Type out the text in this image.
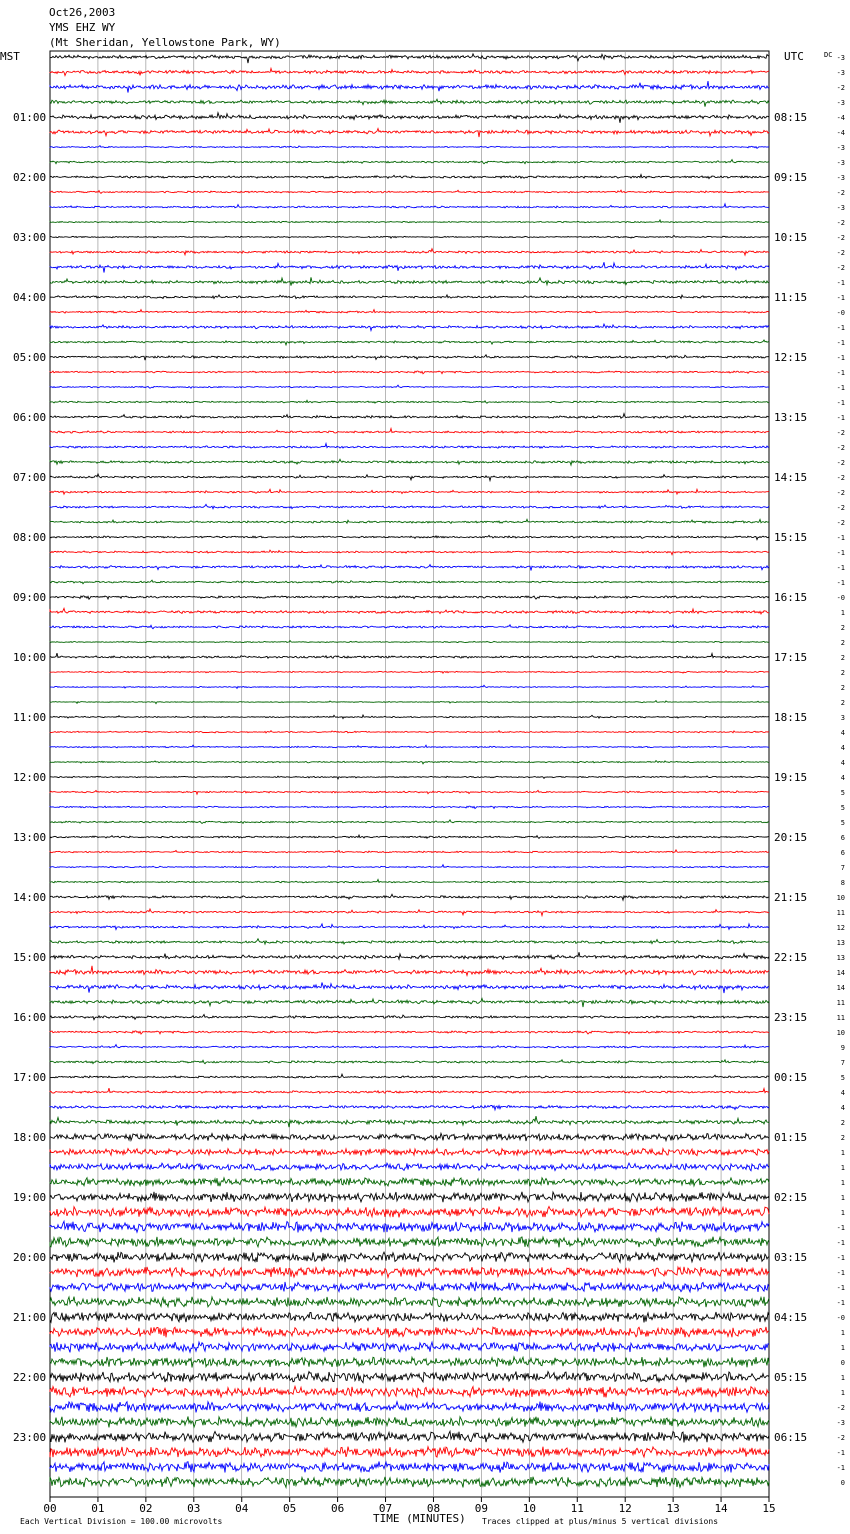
Oct26,2003
YMS EHZ WY
(Mt Sheridan, Yellowstone Park, WY)
MST	UTC	DC
01:00
02:00
03:00
04:00
05:00
06:00
07:00
08:00
09:00
10:00
11:00
12:00
13:00
14:00
15:00
16:00
17:00
18:00
19:00
20:00
21:00
22:00
23:00
08:15
09:15
10:15
11:15
12:15
13:15
14:15
15:15
16:15
17:15
18:15
19:15
20:15
21:15
22:15
23:15
00:15
01:15
02:15
03:15
04:15
05:15
06:15
-3
-3
-2
-3
-4
-4
-3
-3
-3
-2
-3
-2
-2
-2
-2
-1
-1
-0
-1
-1
-1
-1
-1
-1
-1
-2
-2
-2
-2
-2
-2
-2
-1
-1
-1
-1
-0
1
2
2
2
2
2
2
3
4
4
4
4
5
5
5
6
6
7
8
10
11
12
13
13
14
14
11
11
10
9
7
5
4
4
2
2
1
1
1
1
1
-1
-1
-1
-1
-1
-1
-0
1
1
0
1
1
-2
-3
-2
-1
-1
0
00	01	02	03	04	05	06	07	08	09	10	11	12	13	14	15
TIME (MINUTES)
Each Vertical Division = 100.00 microvolts	Traces clipped at plus/minus 5 vertical divisions
